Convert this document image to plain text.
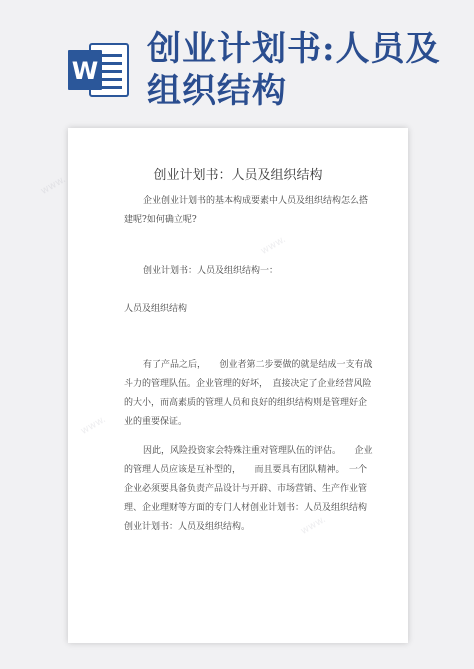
W
创业计划书:人员及组织结构
创业计划书：人员及组织结构
企业创业计划书的基本构成要素中人员及组织结构怎么搭建呢?如何确立呢?
创业计划书：人员及组织结构一：
人员及组织结构
有了产品之后，　　创业者第二步要做的就是结成一支有战斗力的管理队伍。企业管理的好坏，　直接决定了企业经营风险的大小，而高素质的管理人员和良好的组织结构则是管理好企业的重要保证。
因此，风险投资家会特殊注重对管理队伍的评估。　　企业的管理人员应该是互补型的，　　而且要具有团队精神。　一个企业必须要具备负责产品设计与开辟、市场营销、生产作业管理、企业理财等方面的专门人材创业计划书：人员及组织结构创业计划书：人员及组织结构。
www.
